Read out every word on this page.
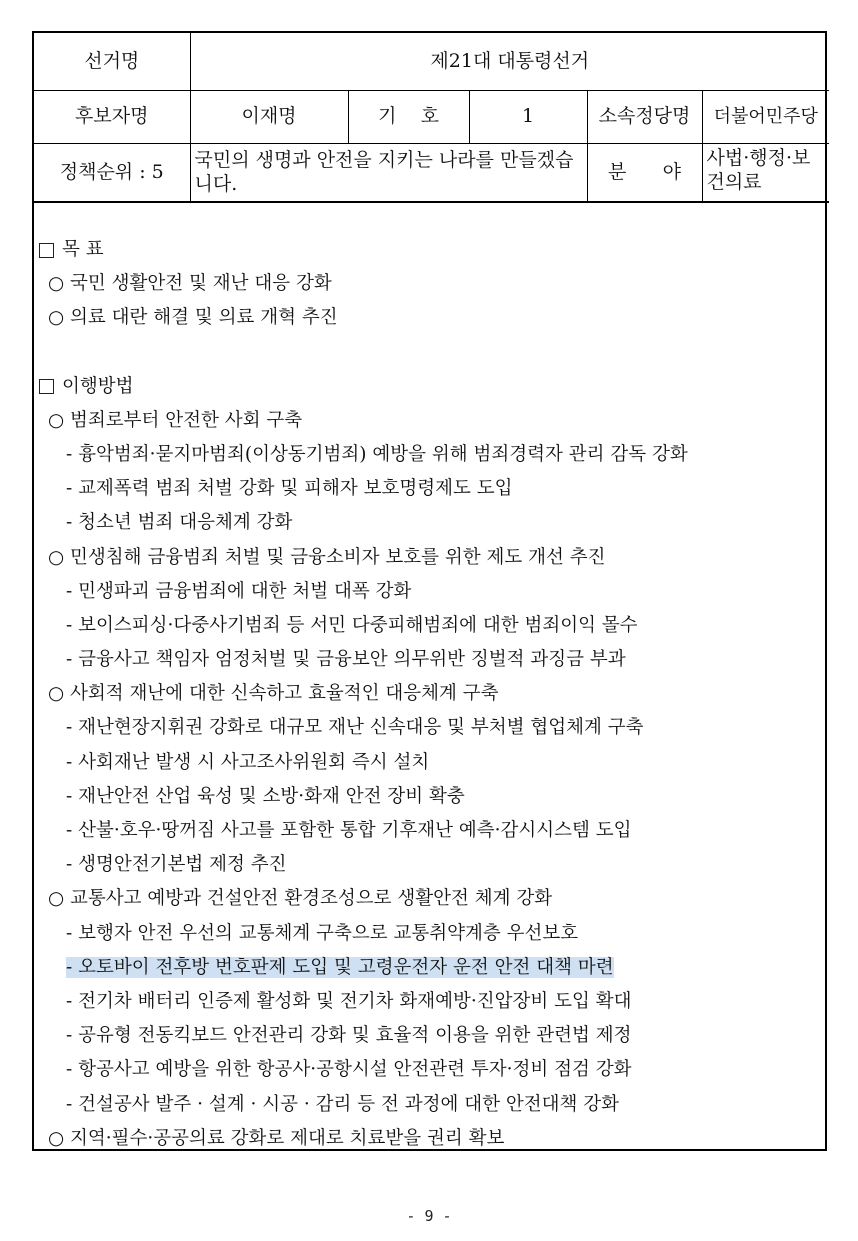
선거명	제21대 대통령선거				
후보자명	이재명	기    호	1	소속정당명	더불어민주당
정책순위 : 5	국민의 생명과 안전을 지키는 나라를 만들겠습니다.			분      야	사법·행정·보건의료
목 표
○ 국민 생활안전 및 재난 대응 강화
○ 의료 대란 해결 및 의료 개혁 추진
이행방법
○ 범죄로부터 안전한 사회 구축
- 흉악범죄·묻지마범죄(이상동기범죄) 예방을 위해 범죄경력자 관리 감독 강화
- 교제폭력 범죄 처벌 강화 및 피해자 보호명령제도 도입
- 청소년 범죄 대응체계 강화
○ 민생침해 금융범죄 처벌 및 금융소비자 보호를 위한 제도 개선 추진
- 민생파괴 금융범죄에 대한 처벌 대폭 강화
- 보이스피싱·다중사기범죄 등 서민 다중피해범죄에 대한 범죄이익 몰수
- 금융사고 책임자 엄정처벌 및 금융보안 의무위반 징벌적 과징금 부과
○ 사회적 재난에 대한 신속하고 효율적인 대응체계 구축
- 재난현장지휘권 강화로 대규모 재난 신속대응 및 부처별 협업체계 구축
- 사회재난 발생 시 사고조사위원회 즉시 설치
- 재난안전 산업 육성 및 소방·화재 안전 장비 확충
- 산불·호우·땅꺼짐 사고를 포함한 통합 기후재난 예측·감시시스템 도입
- 생명안전기본법 제정 추진
○ 교통사고 예방과 건설안전 환경조성으로 생활안전 체계 강화
- 보행자 안전 우선의 교통체계 구축으로 교통취약계층 우선보호
- 오토바이 전후방 번호판제 도입 및 고령운전자 운전 안전 대책 마련
- 전기차 배터리 인증제 활성화 및 전기차 화재예방·진압장비 도입 확대
- 공유형 전동킥보드 안전관리 강화 및 효율적 이용을 위한 관련법 제정
- 항공사고 예방을 위한 항공사·공항시설 안전관련 투자·정비 점검 강화
- 건설공사 발주 · 설계 · 시공 · 감리 등 전 과정에 대한 안전대책 강화
○ 지역·필수·공공의료 강화로 제대로 치료받을 권리 확보
- 9 -
